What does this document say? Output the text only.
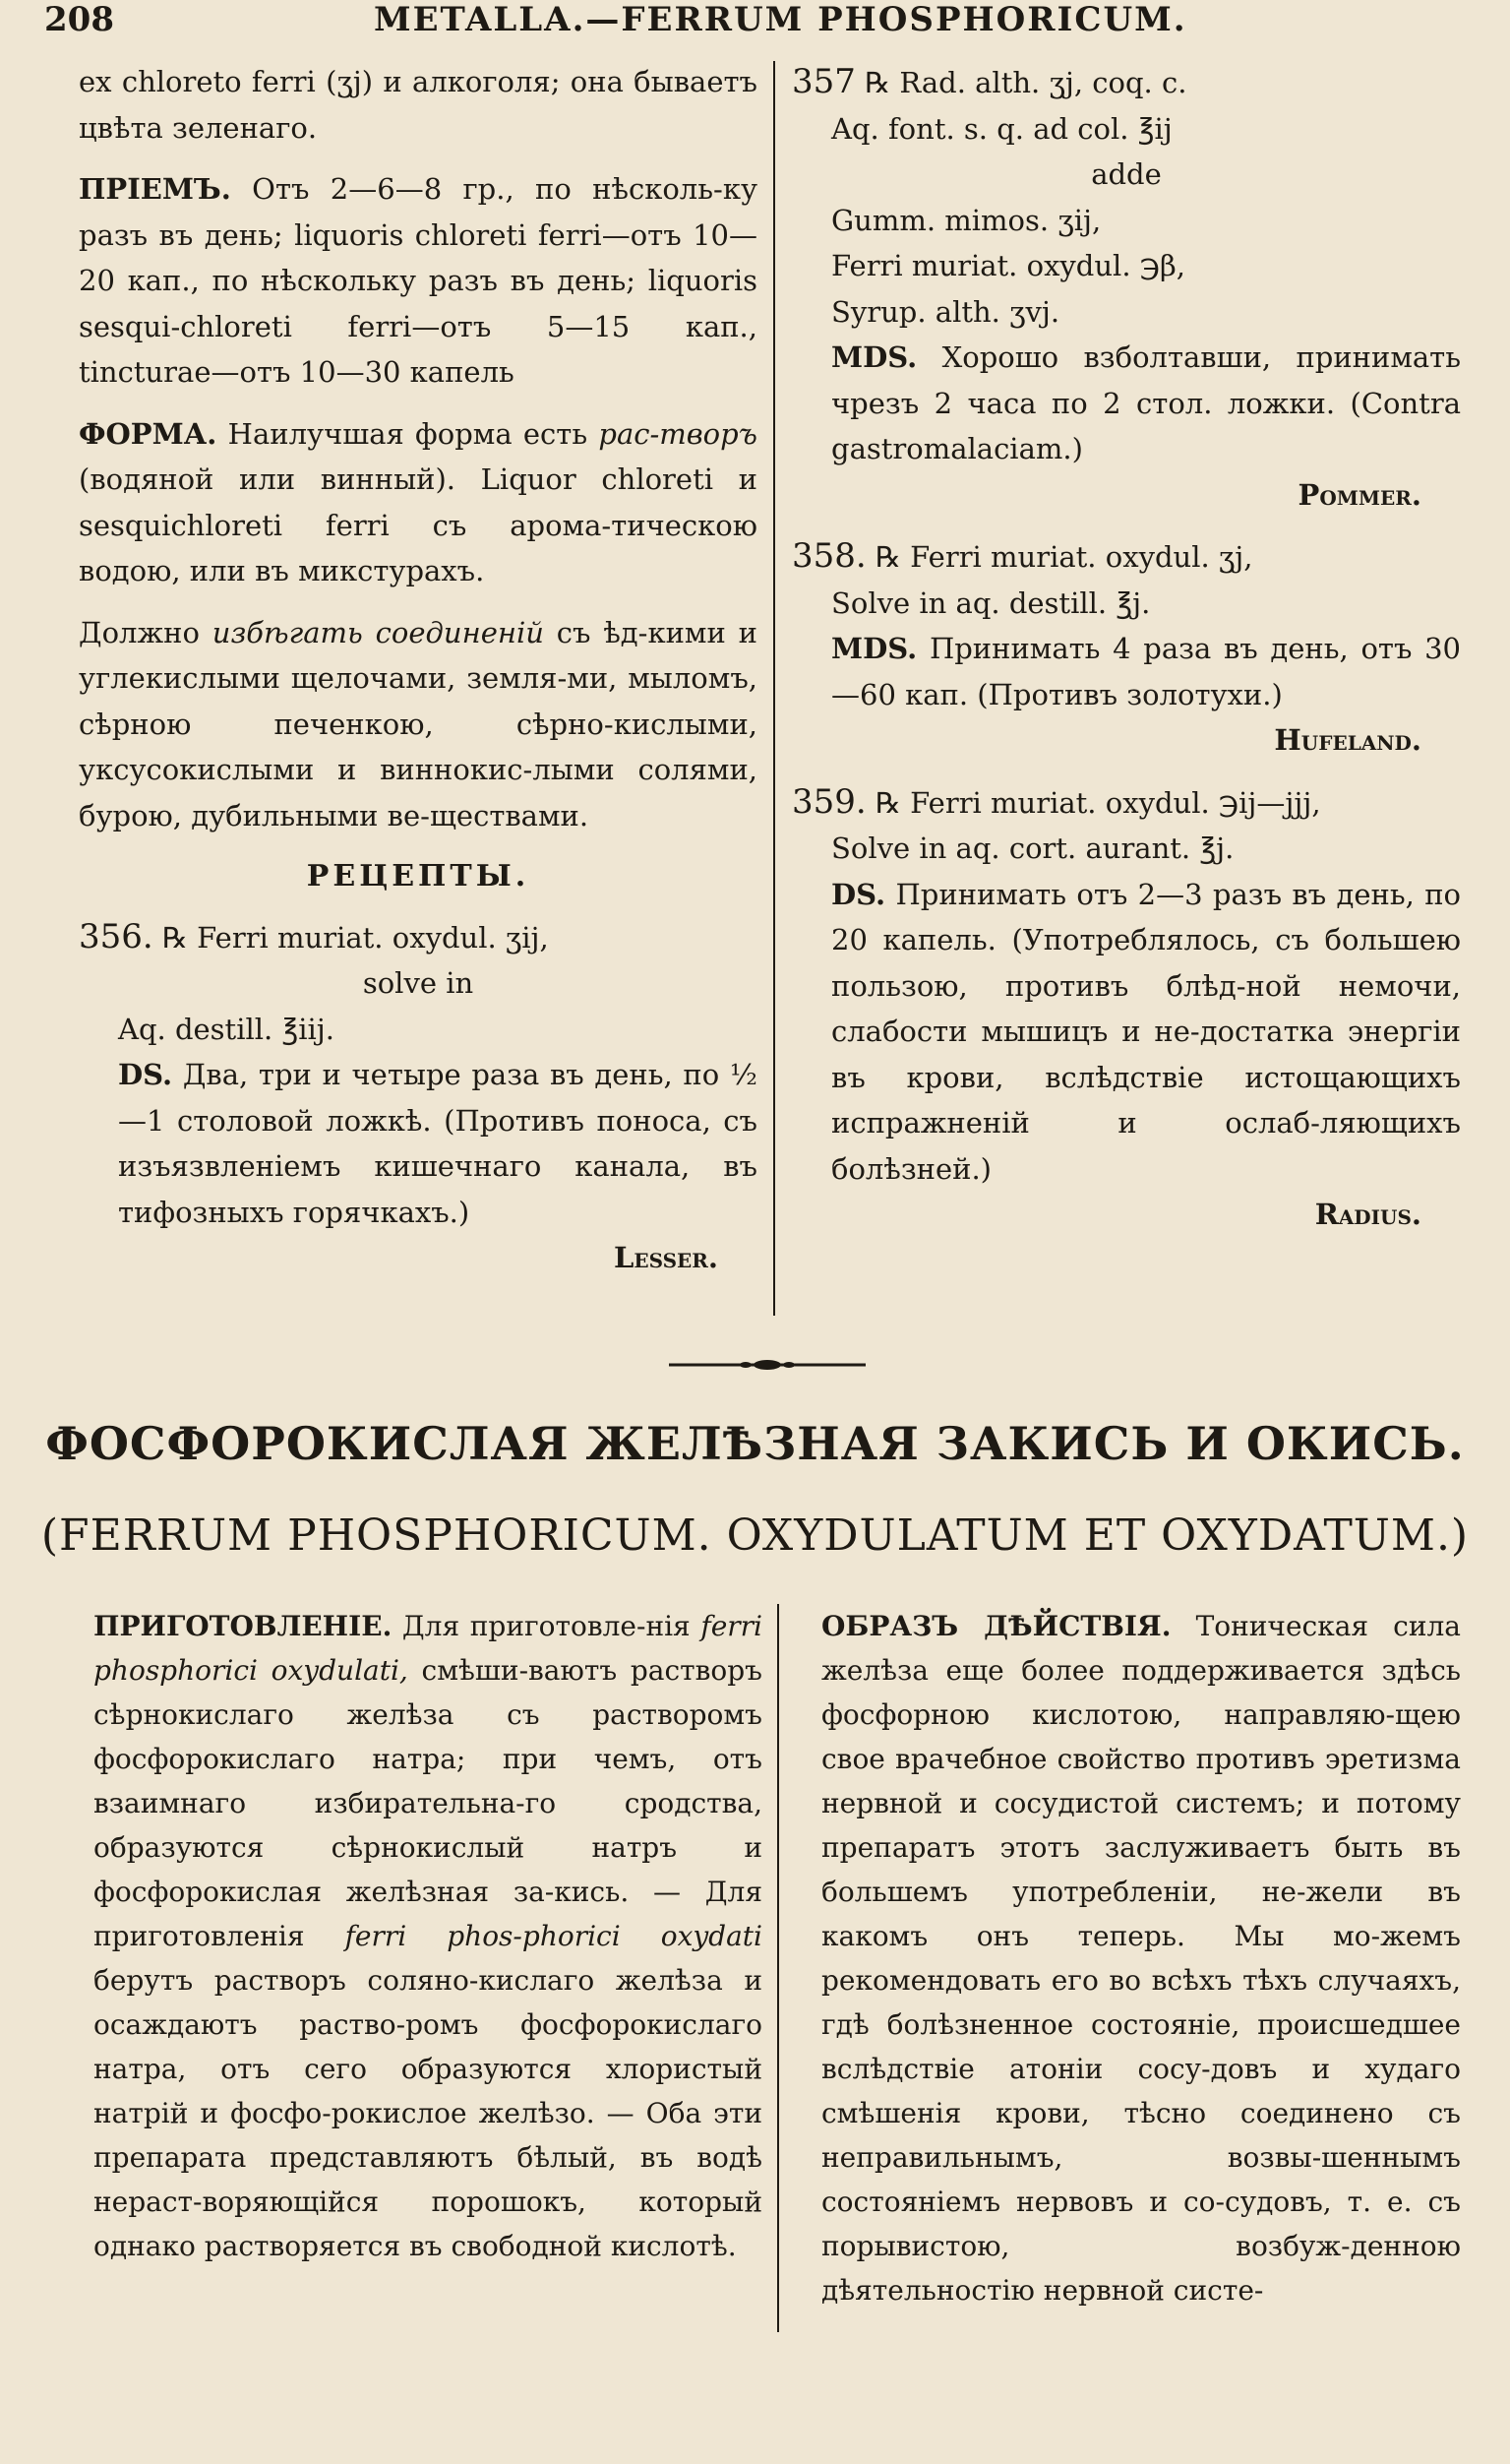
208	METALLA.—FERRUM PHOSPHORICUM.

ex chloreto ferri (ʒj) и алкоголя; она бываетъ цвѣта зеленаго.

ПРІЕМЪ. Отъ 2—6—8 гр., по нѣсколь-ку разъ въ день; liquoris chloreti ferri—отъ 10—20 кап., по нѣскольку разъ въ день; liquoris sesqui-chloreti ferri—отъ 5—15 кап., tincturae—отъ 10—30 капель

ФОРМА. Наилучшая форма есть рас-творъ (водяной или винный). Liquor chloreti и sesquichloreti ferri съ арома-тическою водою, или въ микстурахъ.

Должно избѣгать соединеній съ ѣд-кими и углекислыми щелочами, земля-ми, мыломъ, сѣрною печенкою, сѣрно-кислыми, уксусокислыми и виннокис-лыми солями, бурою, дубильными ве-ществами.

РЕЦЕПТЫ.

356. ℞ Ferri muriat. oxydul. ʒij,

solve in

Aq. destill. ℥iij.

DS. Два, три и четыре раза въ день, по ½—1 столовой ложкѣ. (Противъ поноса, съ изъязвленіемъ кишечнаго канала, въ тифозныхъ горячкахъ.)

Lesser.

357 ℞ Rad. alth. ʒj, coq. c.

Aq. font. s. q. ad col. ℥ij

adde

Gumm. mimos. ʒij,

Ferri muriat. oxydul. ℈β,

Syrup. alth. ʒvj.

MDS. Хорошо взболтавши, принимать чрезъ 2 часа по 2 стол. ложки. (Contra gastromalaciam.)

Роммеr.

358. ℞ Ferri muriat. oxydul. ʒj,

Solve in aq. destill. ℥j.

MDS. Принимать 4 раза въ день, отъ 30—60 кап. (Противъ золотухи.)

Hufeland.

359. ℞ Ferri muriat. oxydul. ℈ij—jjj,

Solve in aq. cort. aurant. ℥j.

DS. Принимать отъ 2—3 разъ въ день, по 20 капель. (Употреблялось, съ большею пользою, противъ блѣд-ной немочи, слабости мышицъ и не-достатка энергіи въ крови, вслѣдствіе истощающихъ испражненій и ослаб-ляющихъ болѣзней.)

Radius.

ФОСФОРОКИСЛАЯ ЖЕЛѢЗНАЯ ЗАКИСЬ И ОКИСЬ.
(FERRUM PHOSPHORICUM. OXYDULATUM ET OXYDATUM.)

ПРИГОТОВЛЕНІЕ. Для приготовле-нія ferri phosphorici oxydulati, смѣши-ваютъ растворъ сѣрнокислаго желѣза съ растворомъ фосфорокислаго натра; при чемъ, отъ взаимнаго избирательна-го сродства, образуются сѣрнокислый натръ и фосфорокислая желѣзная за-кись. — Для приготовленія ferri phos-phorici oxydati берутъ растворъ соляно-кислаго желѣза и осаждаютъ раство-ромъ фосфорокислаго натра, отъ сего образуются хлористый натрій и фосфо-рокислое желѣзо. — Оба эти препарата представляютъ бѣлый, въ водѣ нераст-воряющійся порошокъ, который однако растворяется въ свободной кислотѣ.

ОБРАЗЪ ДѢЙСТВІЯ. Тоническая сила желѣза еще более поддерживается здѣсь фосфорною кислотою, направляю-щею свое врачебное свойство противъ эретизма нервной и сосудистой системъ; и потому препаратъ этотъ заслуживаетъ быть въ большемъ употребленіи, не-жели въ какомъ онъ теперь. Мы мо-жемъ рекомендовать его во всѣхъ тѣхъ случаяхъ, гдѣ болѣзненное состояніе, происшедшее вслѣдствіе атоніи сосу-довъ и худаго смѣшенія крови, тѣсно соединено съ неправильнымъ, возвы-шеннымъ состояніемъ нервовъ и со-судовъ, т. е. съ порывистою, возбуж-денною дѣятельностію нервной систе-
